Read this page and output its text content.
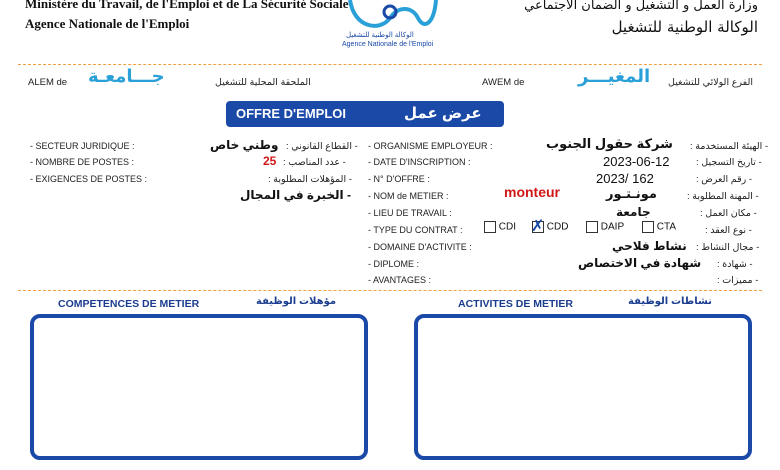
Ministère du Travail, de l'Emploi et de La Sécurité Sociale
Agence Nationale de l'Emploi
وزارة العمل و التشغيل و الضمان الاجتماعي
الوكالة الوطنية للتشغيل
الوكالة الوطنية للتشغيل
Agence Nationale de l'Emploi
ALEM de جـــامعـة	الملحقة المحلية للتشغيل	AWEM de	المغيـــر الفرع الولائي للتشغيل
OFFRE D'EMPLOI	عرض عمل
- SECTEUR JURIDIQUE :	وطني خاص - القطاع القانوني :
- NOMBRE DE POSTES :	25 - عدد المناصب :
- EXIGENCES DE POSTES :	- المؤهلات المطلوبة :
- الخبرة في المجال
- ORGANISME EMPLOYEUR :	شركة حقول الجنوب - الهيئة المستخدمة :
- DATE D'INSCRIPTION :	2023-06-12	- تاريخ التسجيل :
- N° D'OFFRE :	2023/ 162	- رقم العرض :
- NOM de METIER :	monteur	مونـتـور	- المهنة المطلوبة :
- LIEU DE TRAVAIL :	جامعة	- مكان العمل :
- TYPE DU CONTRAT :	CDI ✗ CDD	DAIP	CTA	- نوع العقد :
- DOMAINE D'ACTIVITE :	نشاط فلاحي - مجال النشاط :
- DIPLOME :	شهادة في الاختصاص - شهادة :
- AVANTAGES :	- مميزات :
COMPETENCES DE METIER	مؤهلات الوظيفة	ACTIVITES DE METIER	نشاطات الوظيفة
